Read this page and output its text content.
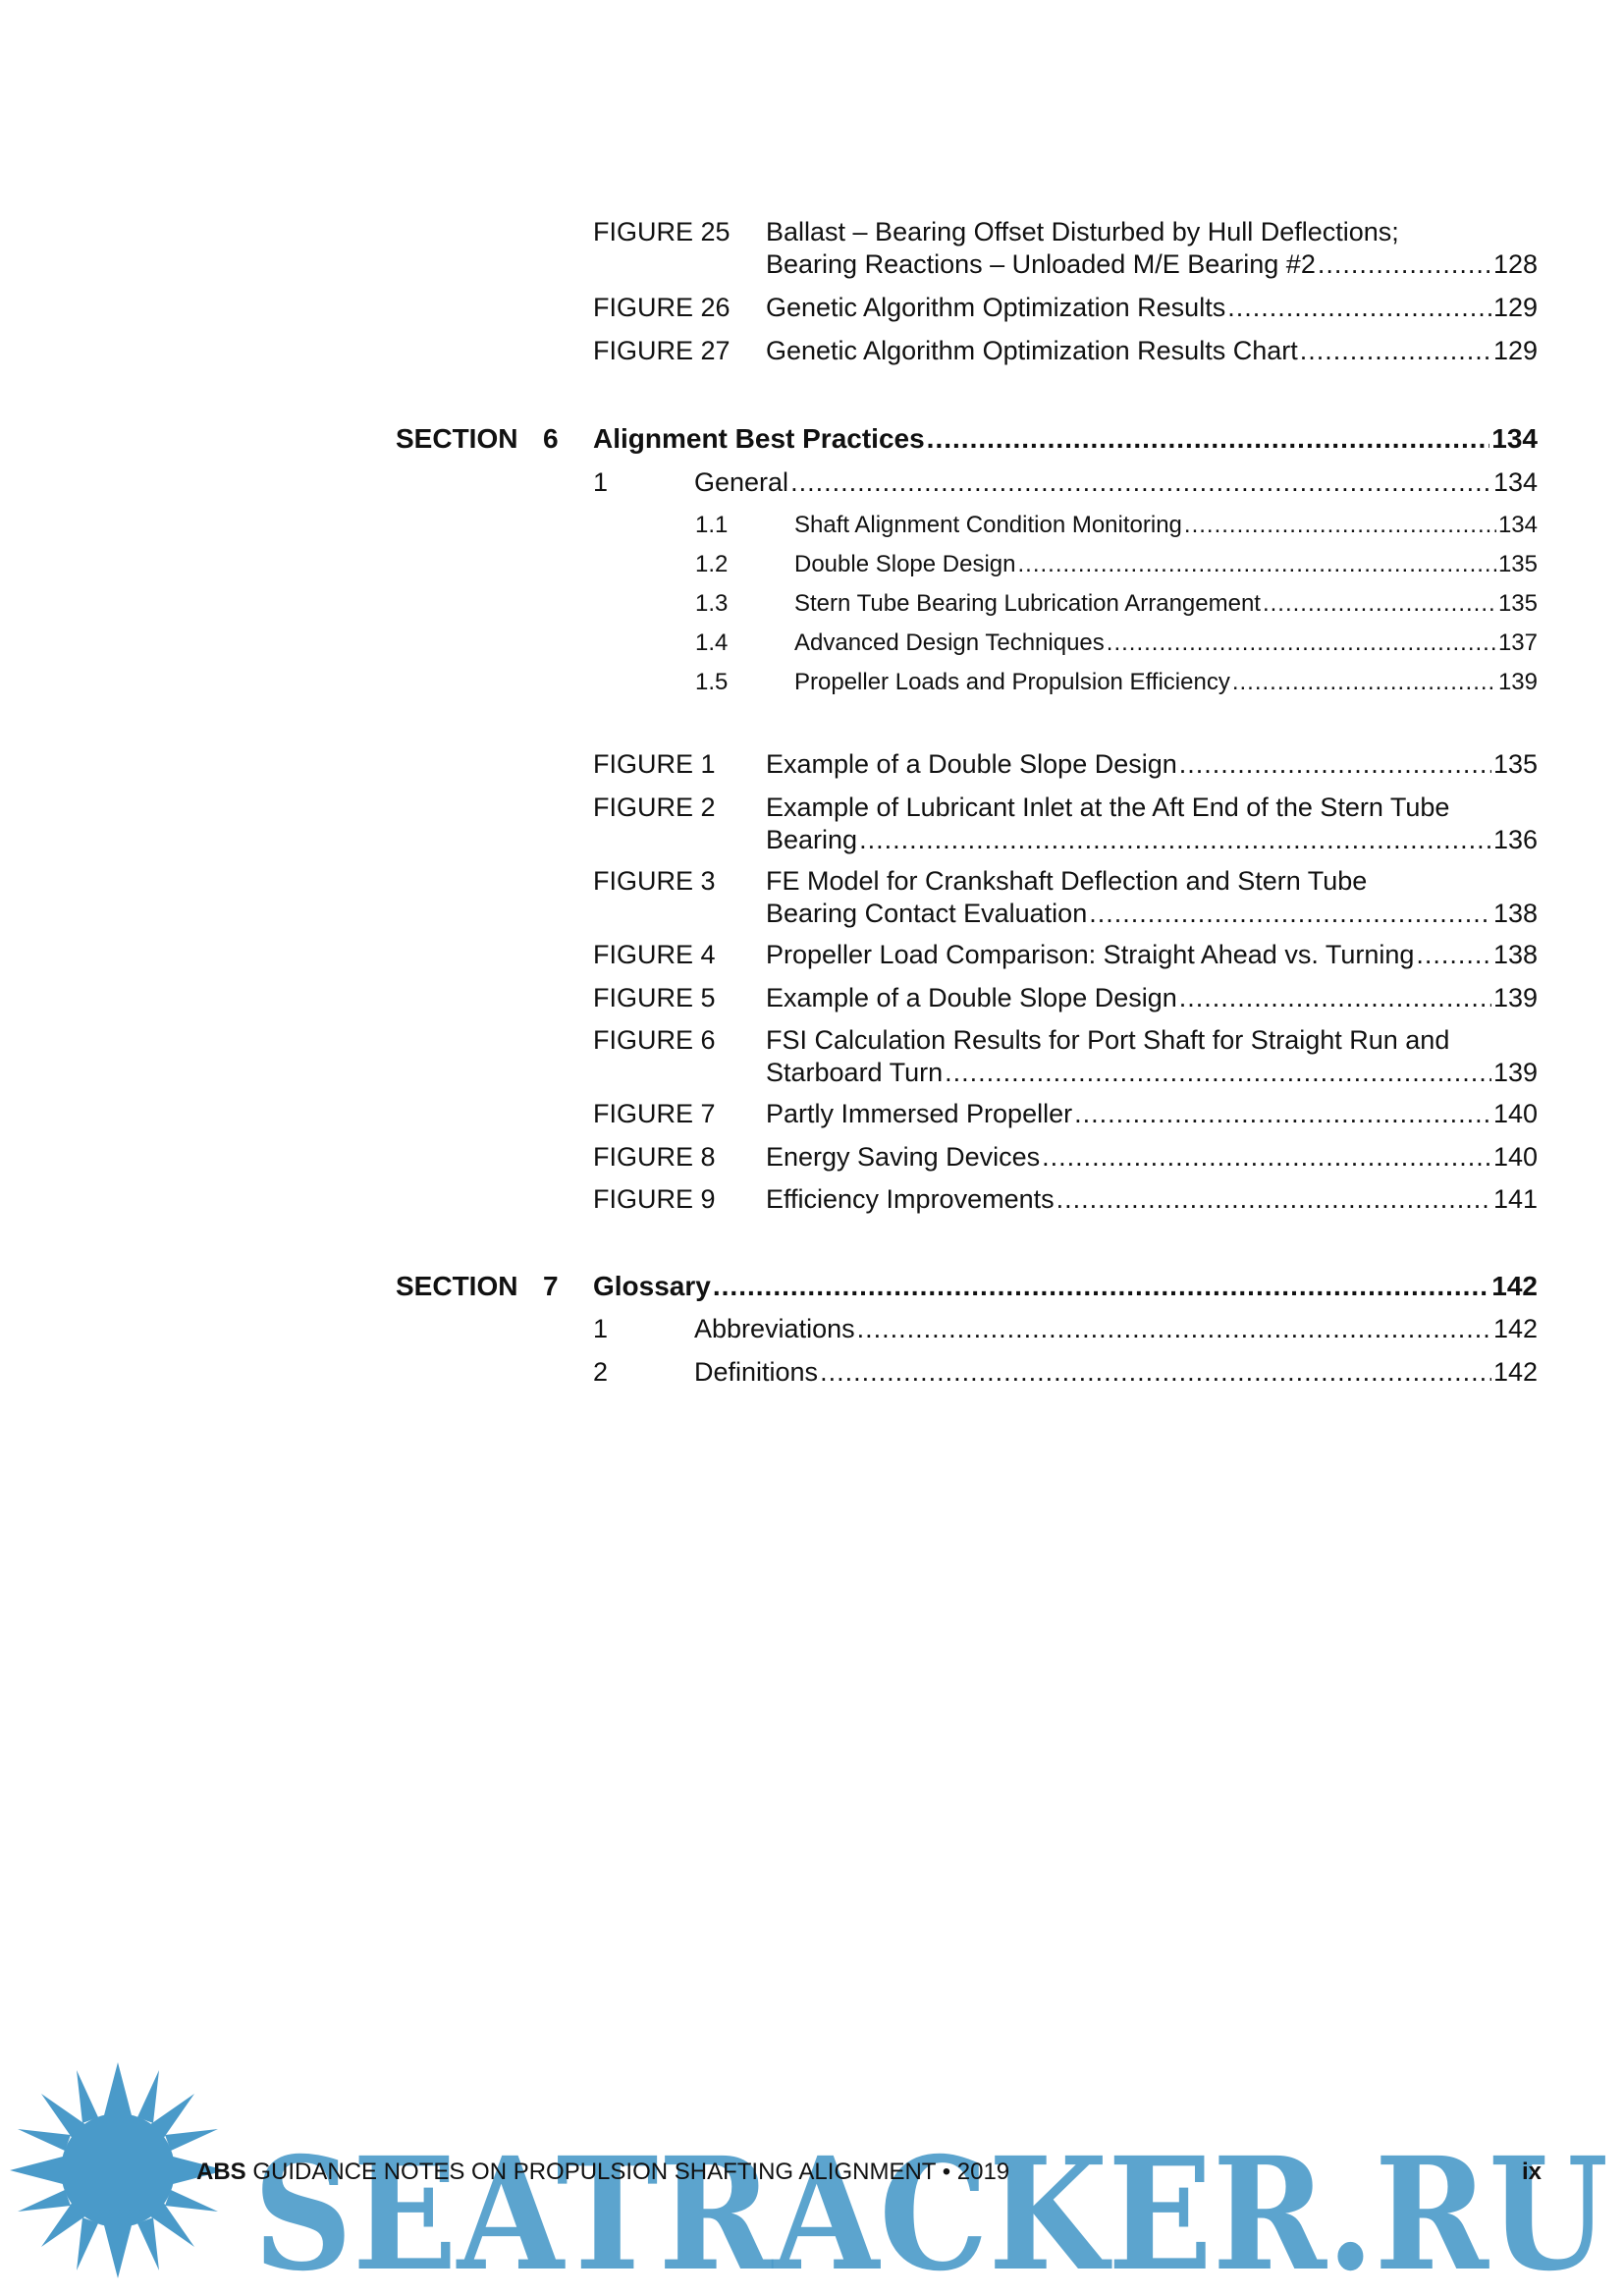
FIGURE 25 Ballast – Bearing Offset Disturbed by Hull Deflections;
Bearing Reactions – Unloaded M/E Bearing #2 .....	128
FIGURE 26 Genetic Algorithm Optimization Results .....	129
FIGURE 27 Genetic Algorithm Optimization Results Chart .....	129
SECTION 6 Alignment Best Practices .....	134
1	General .....	134
1.1	Shaft Alignment Condition Monitoring .....	134
1.2	Double Slope Design .....	135
1.3	Stern Tube Bearing Lubrication Arrangement .....	135
1.4	Advanced Design Techniques .....	137
1.5	Propeller Loads and Propulsion Efficiency .....	139
FIGURE 1 Example of a Double Slope Design .....	135
FIGURE 2 Example of Lubricant Inlet at the Aft End of the Stern Tube
Bearing .....	136
FIGURE 3 FE Model for Crankshaft Deflection and Stern Tube
Bearing Contact Evaluation .....	138
FIGURE 4 Propeller Load Comparison: Straight Ahead vs. Turning .....	138
FIGURE 5 Example of a Double Slope Design .....	139
FIGURE 6 FSI Calculation Results for Port Shaft for Straight Run and
Starboard Turn .....	139
FIGURE 7 Partly Immersed Propeller .....	140
FIGURE 8 Energy Saving Devices .....	140
FIGURE 9 Efficiency Improvements .....	141
SECTION 7 Glossary .....	142
1	Abbreviations .....	142
2	Definitions .....	142
SEATRACKER.RU
ABS GUIDANCE NOTES ON PROPULSION SHAFTING ALIGNMENT • 2019	ix
